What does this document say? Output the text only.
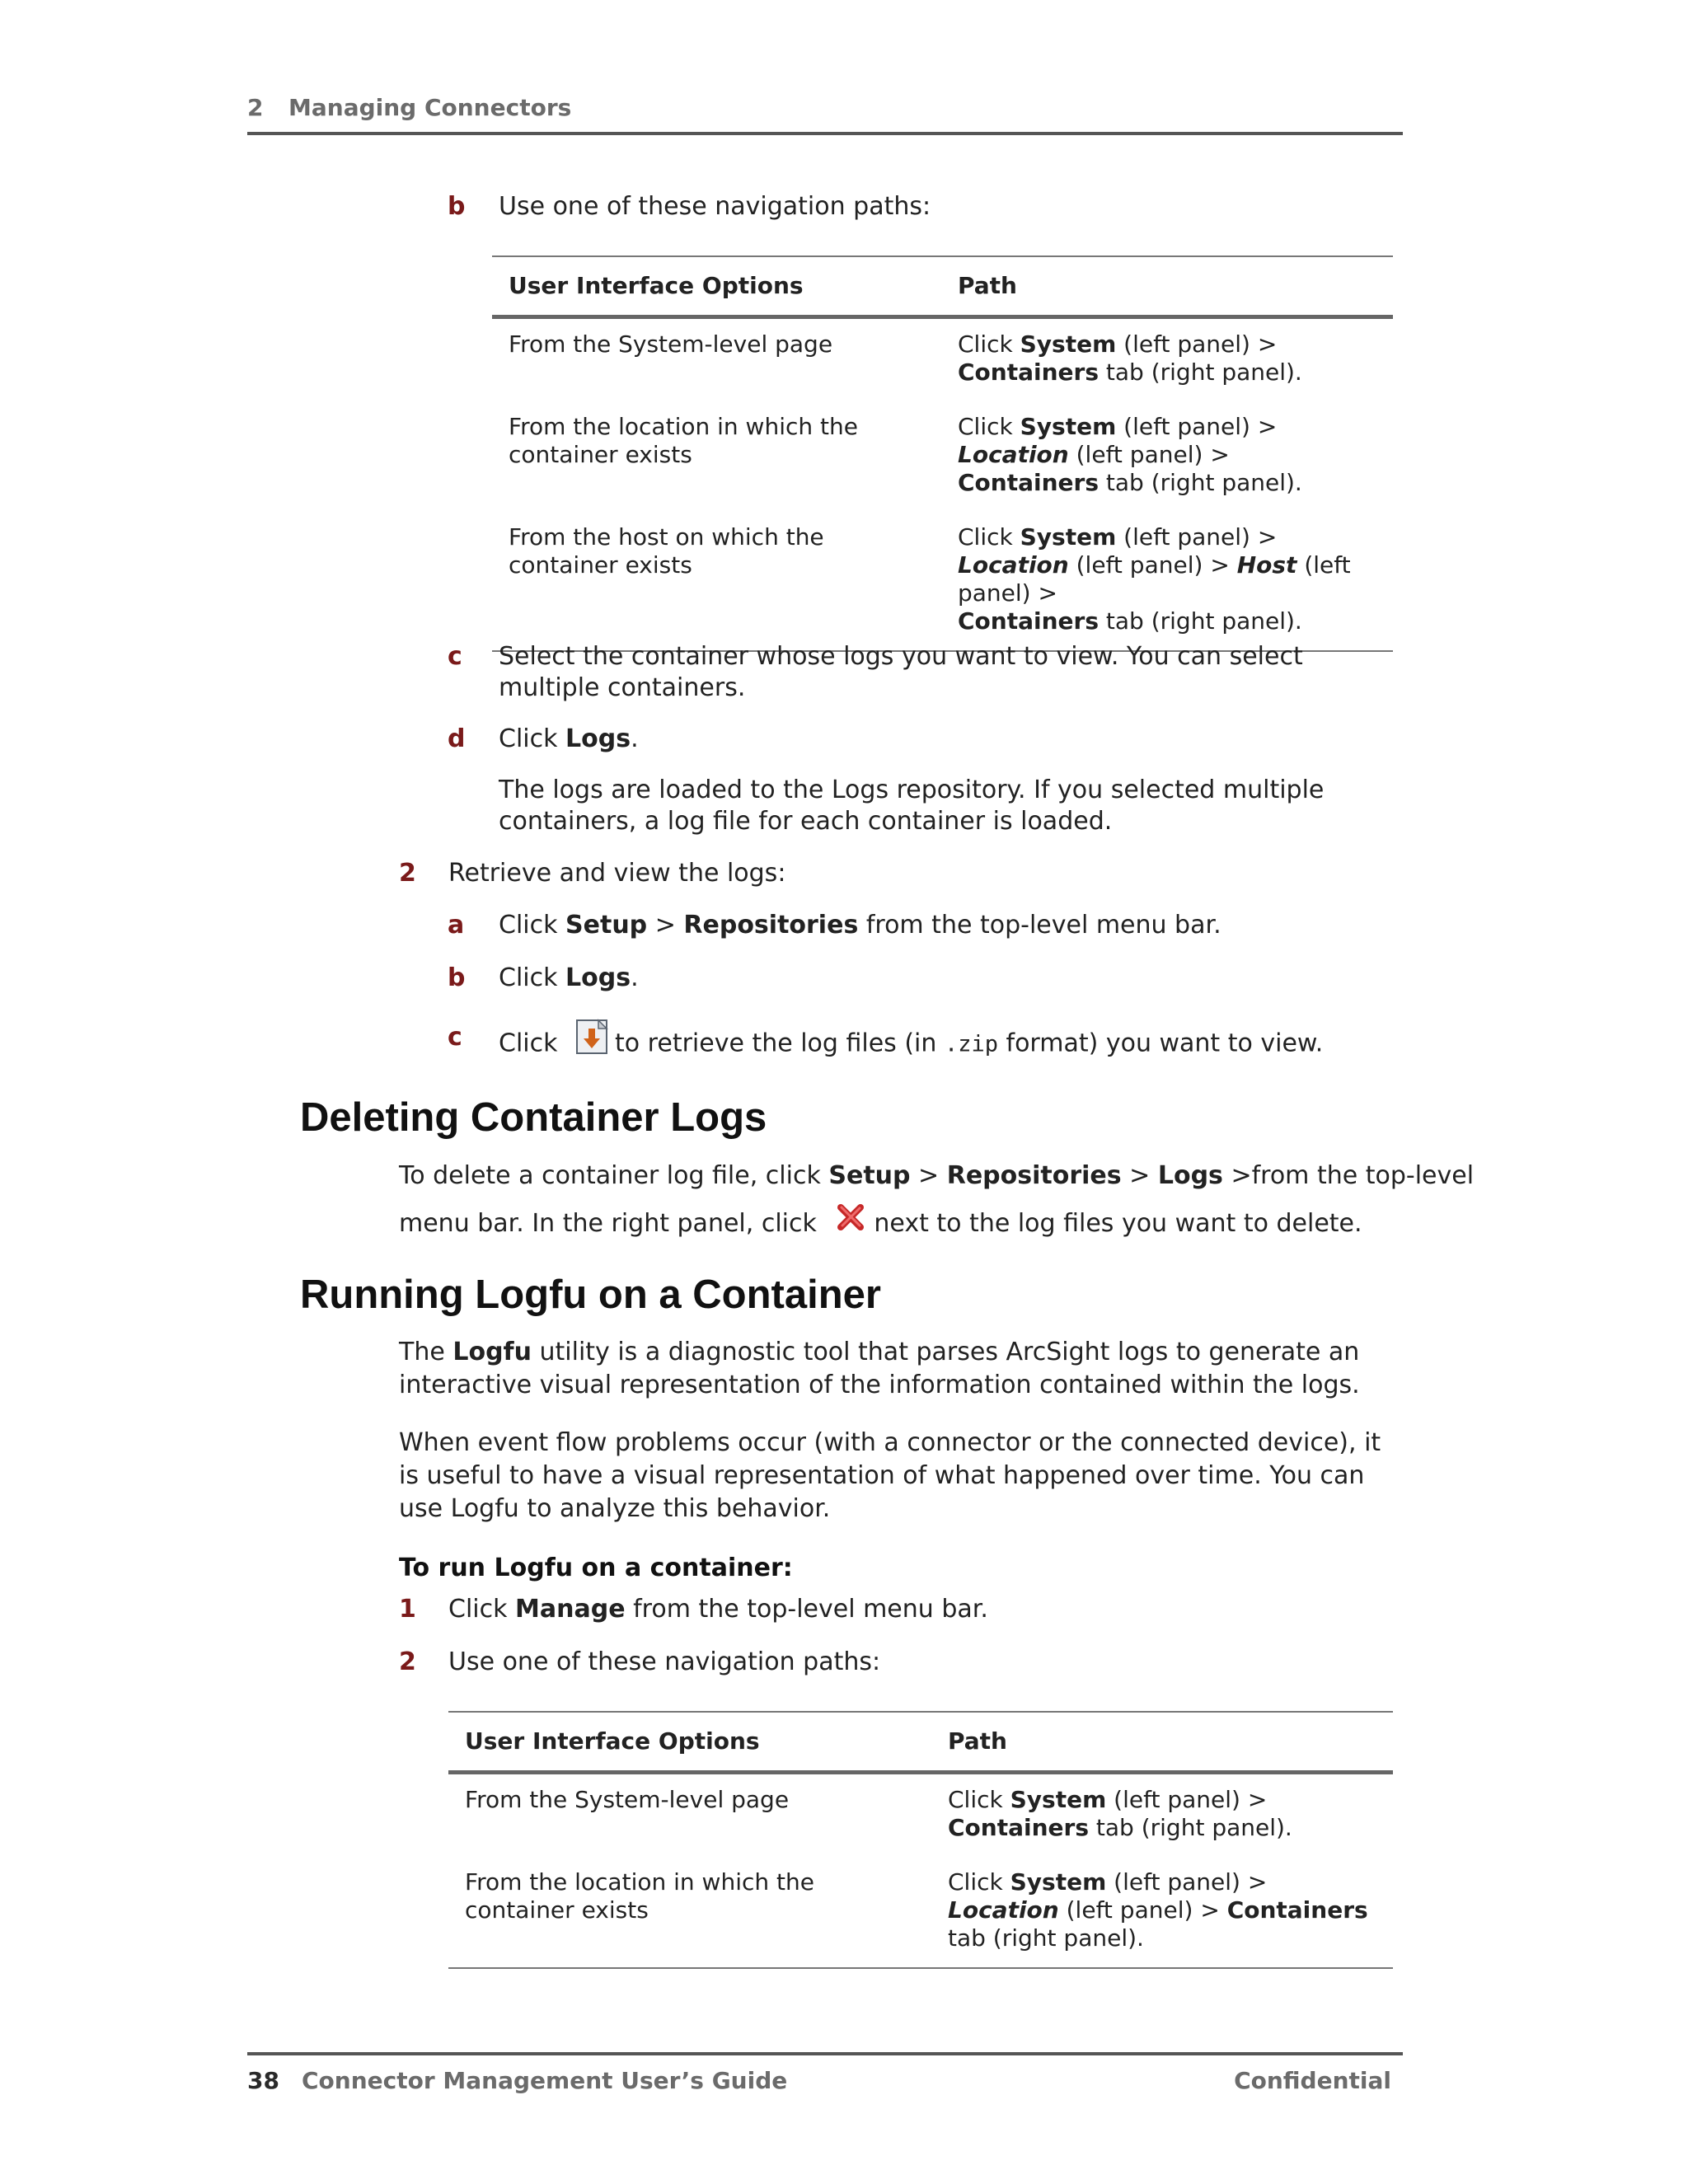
2 Managing Connectors
b Use one of these navigation paths:
User Interface Options	Path
From the System-level page	Click System (left panel) >
Containers tab (right panel).
From the location in which the container exists	Click System (left panel) > Location (left panel) > Containers tab (right panel).
From the host on which the container exists	Click System (left panel) > Location (left panel) > Host (left panel) >
Containers tab (right panel).
c Select the container whose logs you want to view. You can select multiple containers.
d Click Logs.
The logs are loaded to the Logs repository. If you selected multiple containers, a log file for each container is loaded.
2 Retrieve and view the logs:
a Click Setup > Repositories from the top-level menu bar.
b Click Logs.
c Click to retrieve the log files (in .zip format) you want to view.
Deleting Container Logs
To delete a container log file, click Setup > Repositories > Logs >from the top-level
menu bar. In the right panel, click next to the log files you want to delete.
Running Logfu on a Container
The Logfu utility is a diagnostic tool that parses ArcSight logs to generate an interactive visual representation of the information contained within the logs.
When event flow problems occur (with a connector or the connected device), it is useful to have a visual representation of what happened over time. You can use Logfu to analyze this behavior.
To run Logfu on a container:
1 Click Manage from the top-level menu bar.
2 Use one of these navigation paths:
User Interface Options	Path
From the System-level page	Click System (left panel) >
Containers tab (right panel).
From the location in which the container exists	Click System (left panel) > Location (left panel) > Containers tab (right panel).
38 Connector Management User’s Guide	Confidential
